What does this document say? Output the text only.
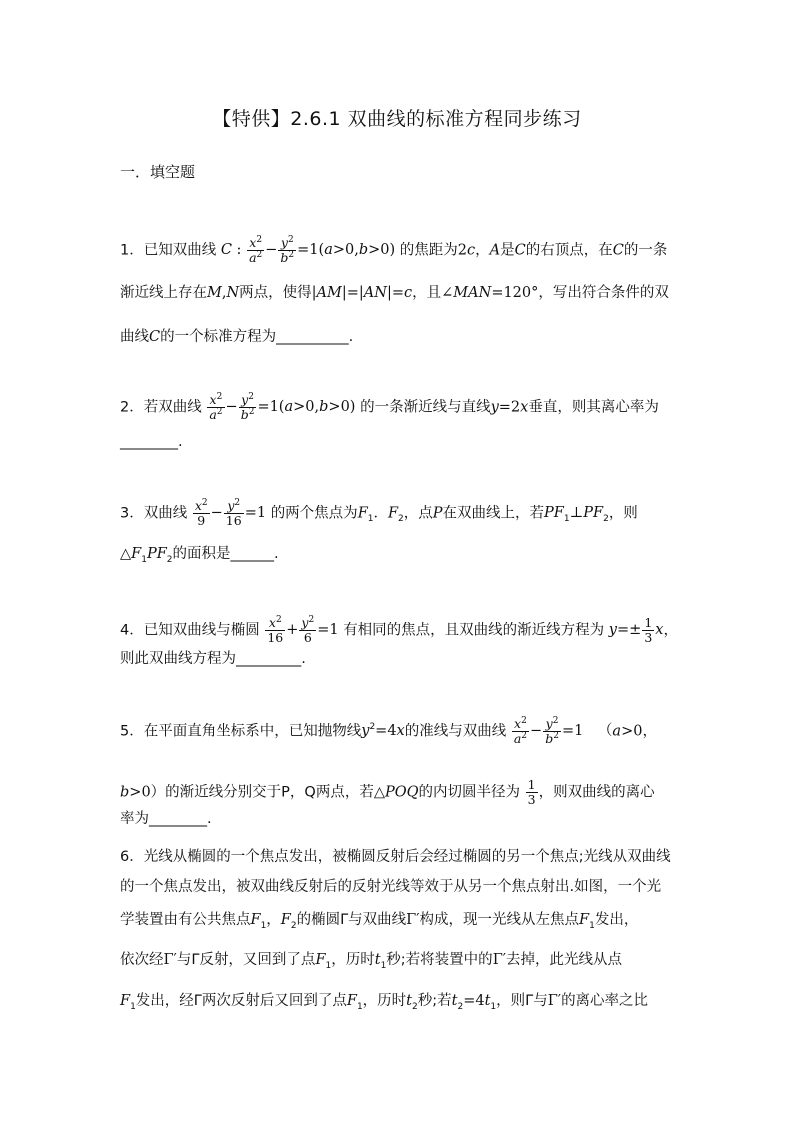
【特供】2.6.1 双曲线的标准方程同步练习
一．填空题
1．已知双曲线 C : $\frac{x^2}{a^2} - \frac{y^2}{b^2} =1(a>0,b>0)$ 的焦距为2c，A是C的右顶点，在C的一条
渐近线上存在M,N两点，使得|AM|=|AN|=c，且∠MAN=120°，写出符合条件的双
曲线C的一个标准方程为__________.
2．若双曲线 $\frac{x^2}{a^2} - \frac{y^2}{b^2} =1(a>0,b>0)$ 的一条渐近线与直线y=2x垂直，则其离心率为
________.
3．双曲线 $\frac{x^2}{9} - \frac{y^2}{16} =1$ 的两个焦点为$F_1$．$F_2$，点P在双曲线上，若$PF_1\perp PF_2$，则
$\triangle F_1PF_2$的面积是______.
4．已知双曲线与椭圆 $\frac{x^2}{16} + \frac{y^2}{6} =1$ 有相同的焦点，且双曲线的渐近线方程为 $y=\pm \frac{1}{3}$ x，
则此双曲线方程为_________.
5．在平面直角坐标系中，已知抛物线$y^2=4x$的准线与双曲线 $\frac{x^2}{a^2} - \frac{y^2}{b^2} =1$ （a>0，
b>0）的渐近线分别交于P，Q两点，若△POQ的内切圆半径为 $\frac{1}{3}$ ，则双曲线的离心
率为________.
6．光线从椭圆的一个焦点发出，被椭圆反射后会经过椭圆的另一个焦点;光线从双曲线
的一个焦点发出，被双曲线反射后的反射光线等效于从另一个焦点射出.如图，一个光
学装置由有公共焦点$F_1$，$F_2$的椭圆Γ与双曲线Γ′构成，现一光线从左焦点$F_1$发出，
依次经Γ′与Γ反射，又回到了点$F_1$，历时$t_1$秒;若将装置中的Γ′去掉，此光线从点
$F_1$发出，经Γ两次反射后又回到了点$F_1$，历时$t_2$秒;若$t_2=4t_1$，则Γ与Γ′的离心率之比
